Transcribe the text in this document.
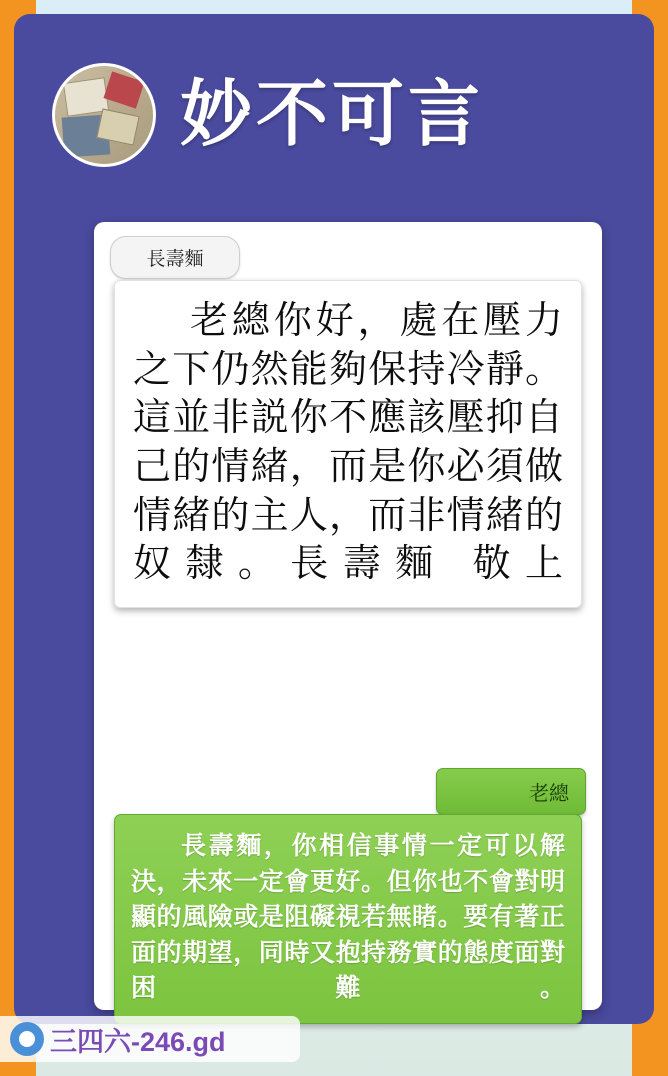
妙不可言
長壽麵
老總你好，處在壓力之下仍然能夠保持冷靜。這並非説你不應該壓抑自己的情緒，而是你必須做情緒的主人，而非情緒的奴隸。長壽麵 敬上
老總
長壽麵，你相信事情一定可以解決，未來一定會更好。但你也不會對明顯的風險或是阻礙視若無睹。要有著正面的期望，同時又抱持務實的態度面對困難。
三四六-246.gd
